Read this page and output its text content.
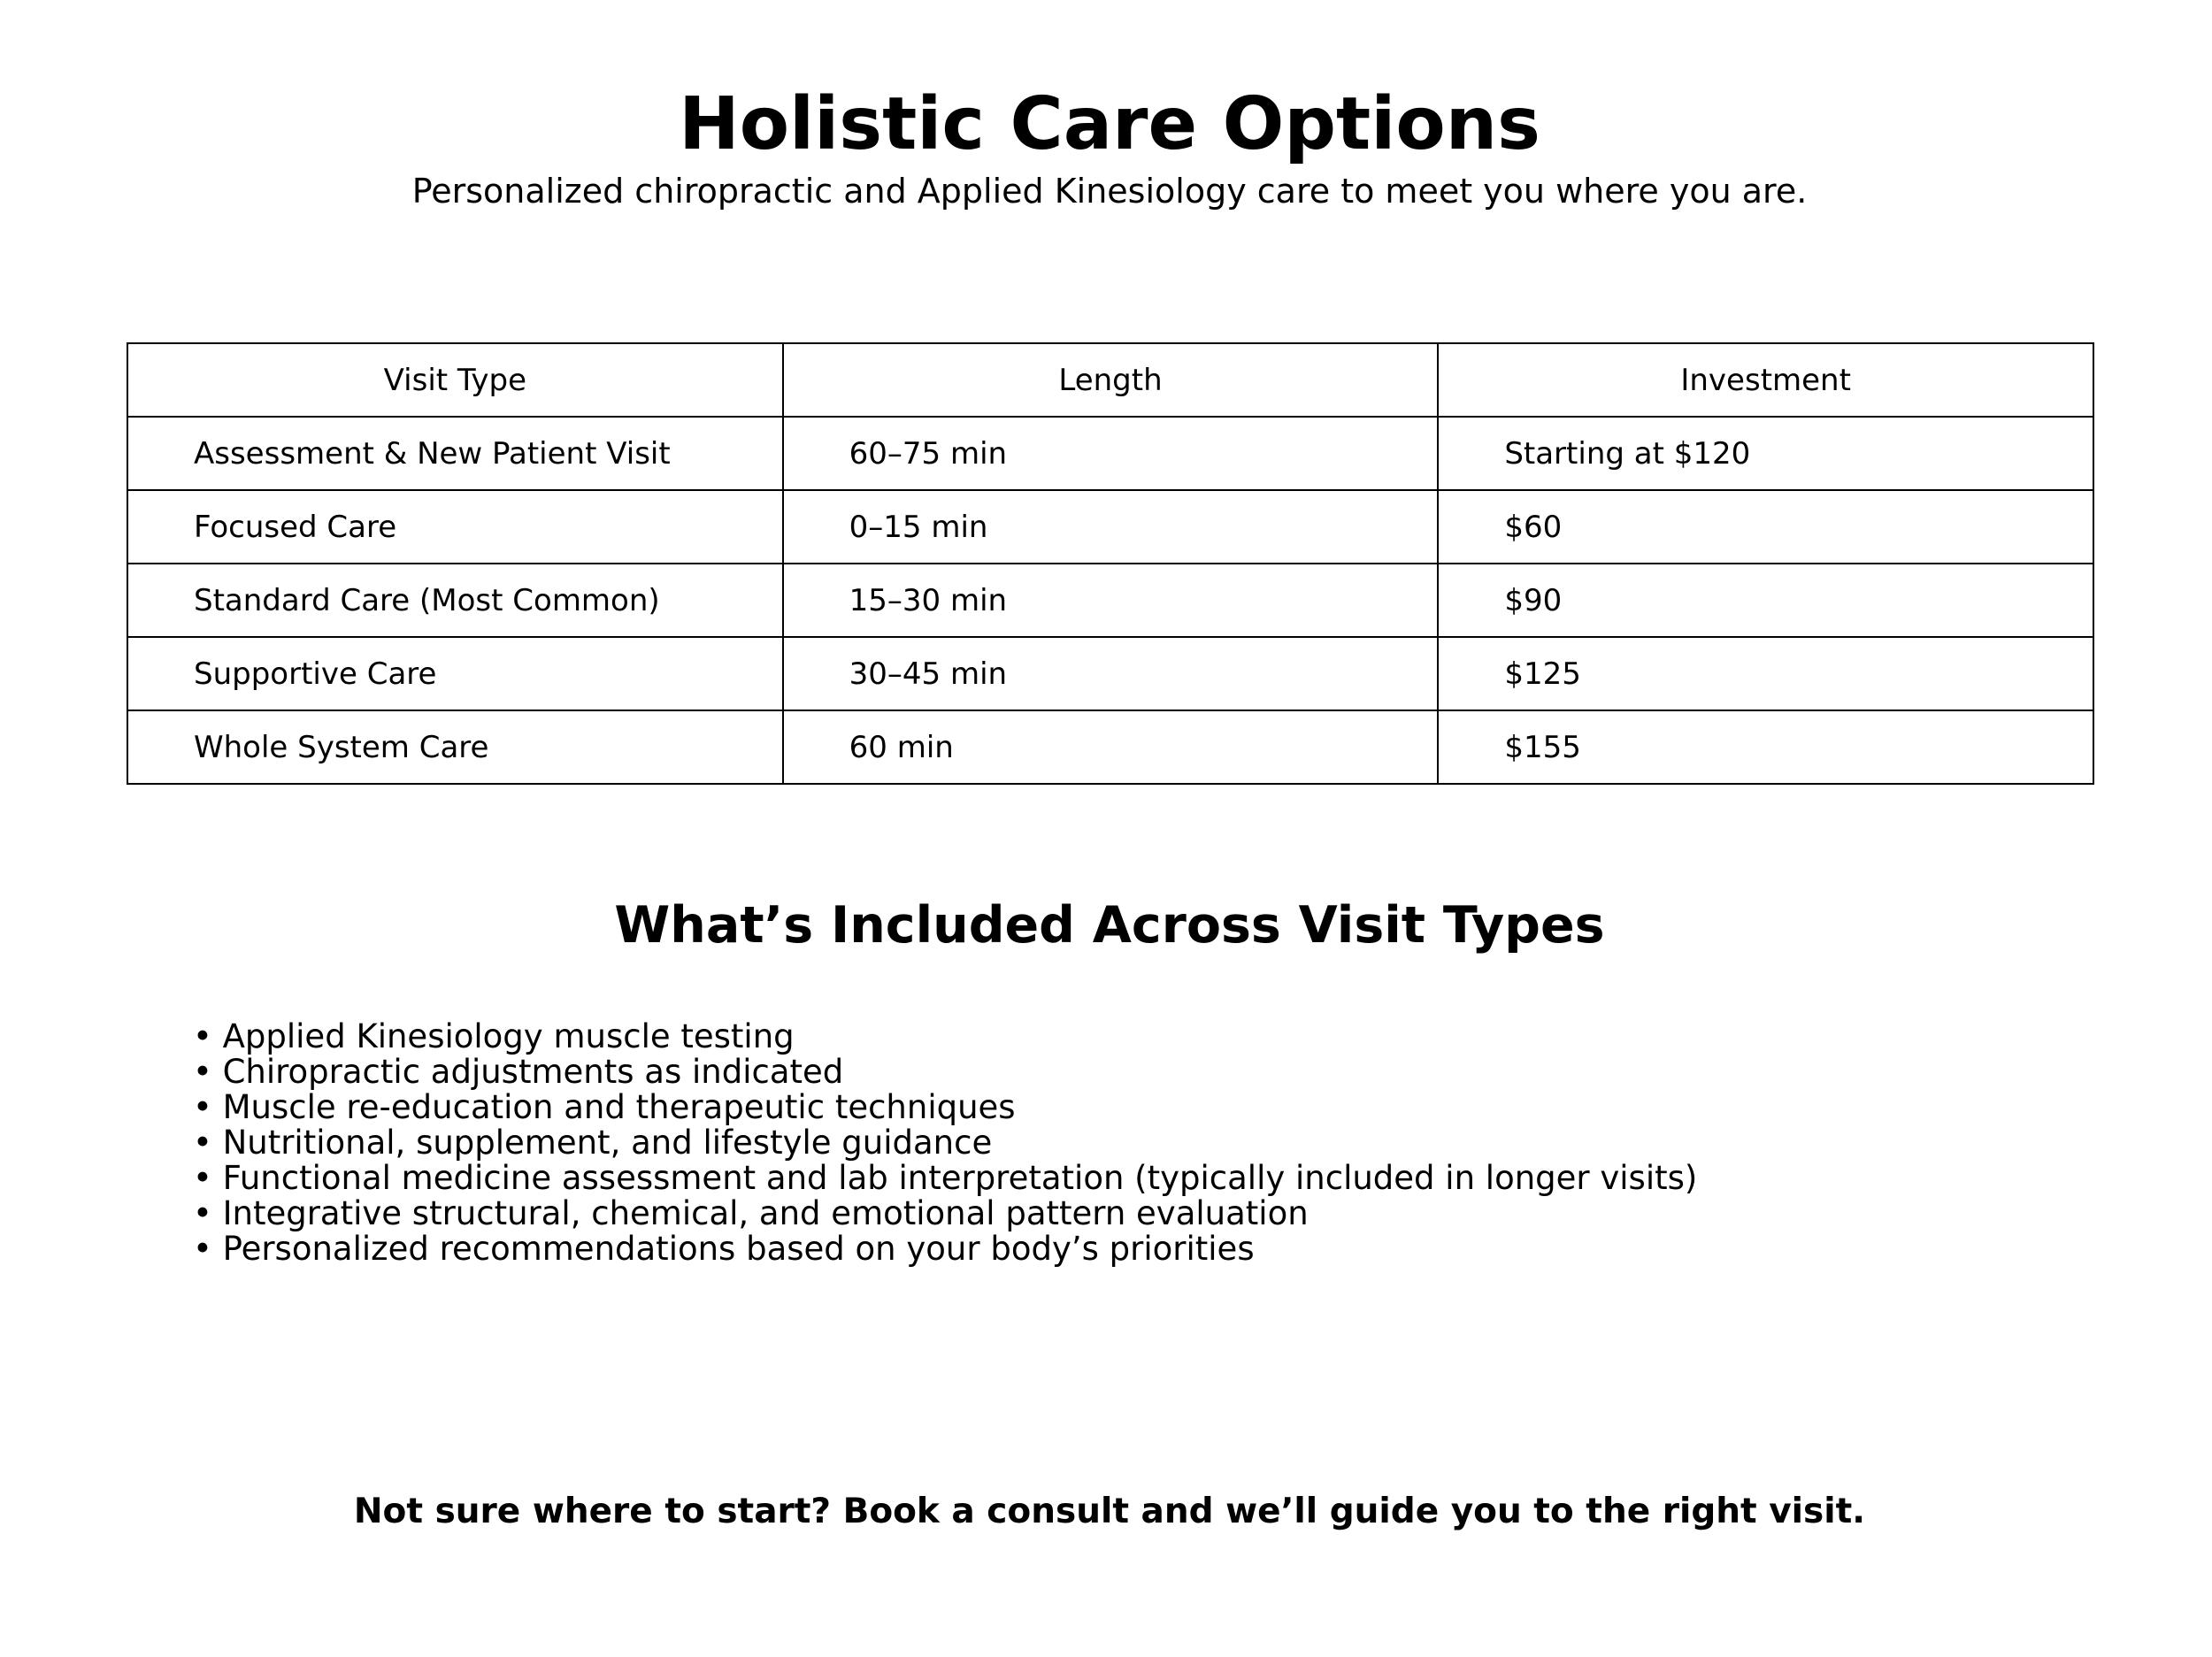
Holistic Care Options

Personalized chiropractic and Applied Kinesiology care to meet you where you are.

Visit Type	Length	Investment
Assessment & New Patient Visit	60–75 min	Starting at $120
Focused Care	0–15 min	$60
Standard Care (Most Common)	15–30 min	$90
Supportive Care	30–45 min	$125
Whole System Care	60 min	$155
What’s Included Across Visit Types
• Applied Kinesiology muscle testing
• Chiropractic adjustments as indicated
• Muscle re-education and therapeutic techniques
• Nutritional, supplement, and lifestyle guidance
• Functional medicine assessment and lab interpretation (typically included in longer visits)
• Integrative structural, chemical, and emotional pattern evaluation
• Personalized recommendations based on your body’s priorities

Not sure where to start? Book a consult and we’ll guide you to the right visit.
